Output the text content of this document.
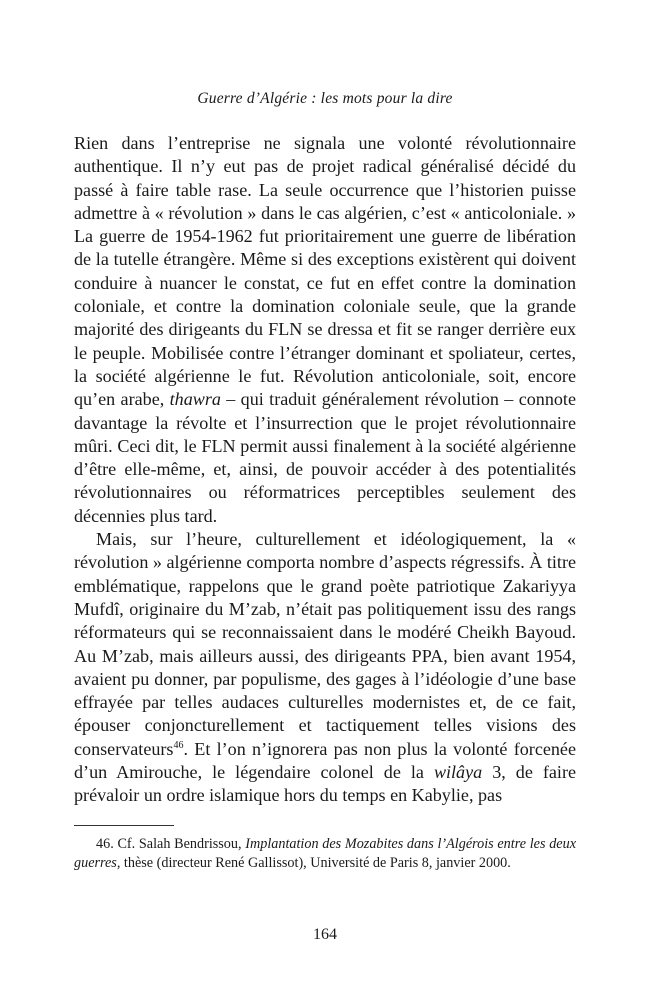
Guerre d’Algérie : les mots pour la dire

Rien dans l’entreprise ne signala une volonté révolutionnaire authentique. Il n’y eut pas de projet radical généralisé décidé du passé à faire table rase. La seule occurrence que l’historien puisse admettre à « révolution » dans le cas algérien, c’est « anticoloniale. » La guerre de 1954-1962 fut prioritairement une guerre de libération de la tutelle étrangère. Même si des exceptions existèrent qui doivent conduire à nuancer le constat, ce fut en effet contre la domination coloniale, et contre la domination coloniale seule, que la grande majorité des dirigeants du FLN se dressa et fit se ranger derrière eux le peuple. Mobilisée contre l’étranger dominant et spoliateur, certes, la société algérienne le fut. Révolution anticoloniale, soit, encore qu’en arabe, thawra – qui traduit généralement révolution – connote davantage la révolte et l’insurrection que le projet révolutionnaire mûri. Ceci dit, le FLN permit aussi finalement à la société algérienne d’être elle-même, et, ainsi, de pouvoir accéder à des potentialités révolutionnaires ou réformatrices perceptibles seulement des décennies plus tard.

Mais, sur l’heure, culturellement et idéologiquement, la « révolution » algérienne comporta nombre d’aspects régressifs. À titre emblématique, rappelons que le grand poète patriotique Zakariyya Mufdî, originaire du M’zab, n’était pas politiquement issu des rangs réformateurs qui se reconnaissaient dans le modéré Cheikh Bayoud. Au M’zab, mais ailleurs aussi, des dirigeants PPA, bien avant 1954, avaient pu donner, par populisme, des gages à l’idéologie d’une base effrayée par telles audaces culturelles modernistes et, de ce fait, épouser conjoncturellement et tactiquement telles visions des conservateurs$^{46}$. Et l’on n’ignorera pas non plus la volonté forcenée d’un Amirouche, le légendaire colonel de la wilâya 3, de faire prévaloir un ordre islamique hors du temps en Kabylie, pas

46. Cf. Salah Bendrissou, Implantation des Mozabites dans l’Algérois entre les deux guerres, thèse (directeur René Gallissot), Université de Paris 8, janvier 2000.
164
